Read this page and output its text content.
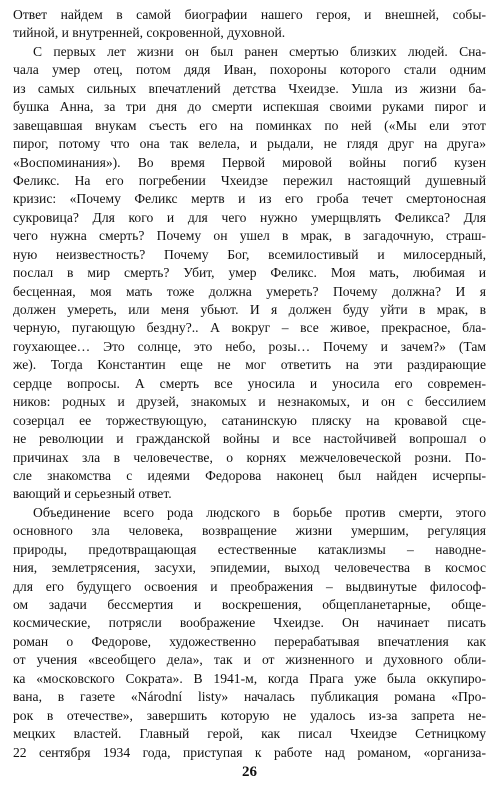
Ответ найдем в самой биографии нашего героя, и внешней, собы-
тийной, и внутренней, сокровенной, духовной.
С первых лет жизни он был ранен смертью близких людей. Сна-
чала умер отец, потом дядя Иван, похороны которого стали одним
из самых сильных впечатлений детства Чхеидзе. Ушла из жизни ба-
бушка Анна, за три дня до смерти испекшая своими руками пирог и
завещавшая внукам съесть его на поминках по ней («Мы ели этот
пирог, потому что она так велела, и рыдали, не глядя друг на друга»
«Воспоминания»). Во время Первой мировой войны погиб кузен
Феликс. На его погребении Чхеидзе пережил настоящий душевный
кризис: «Почему Феликс мертв и из его гроба течет смертоносная
сукровица? Для кого и для чего нужно умерщвлять Феликса? Для
чего нужна смерть? Почему он ушел в мрак, в загадочную, страш-
ную неизвестность? Почему Бог, всемилостивый и милосердный,
послал в мир смерть? Убит, умер Феликс. Моя мать, любимая и
бесценная, моя мать тоже должна умереть? Почему должна? И я
должен умереть, или меня убьют. И я должен буду уйти в мрак, в
черную, пугающую бездну?.. А вокруг – все живое, прекрасное, бла-
гоухающее… Это солнце, это небо, розы… Почему и зачем?» (Там
же). Тогда Константин еще не мог ответить на эти раздирающие
сердце вопросы. А смерть все уносила и уносила его современ-
ников: родных и друзей, знакомых и незнакомых, и он с бессилием
созерцал ее торжествующую, сатанинскую пляску на кровавой сце-
не революции и гражданской войны и все настойчивей вопрошал о
причинах зла в человечестве, о корнях межчеловеческой розни. По-
сле знакомства с идеями Федорова наконец был найден исчерпы-
вающий и серьезный ответ.
Объединение всего рода людского в борьбе против смерти, этого
основного зла человека, возвращение жизни умершим, регуляция
природы, предотвращающая естественные катаклизмы – наводне-
ния, землетрясения, засухи, эпидемии, выход человечества в космос
для его будущего освоения и преображения – выдвинутые философ-
ом задачи бессмертия и воскрешения, общепланетарные, обще-
космические, потрясли воображение Чхеидзе. Он начинает писать
роман о Федорове, художественно перерабатывая впечатления как
от учения «всеобщего дела», так и от жизненного и духовного обли-
ка «московского Сократа». В 1941-м, когда Прага уже была оккупиро-
вана, в газете «Národní listy» началась публикация романа «Про-
рок в отечестве», завершить которую не удалось из-за запрета не-
мецких властей. Главный герой, как писал Чхеидзе Сетницкому
22 сентября 1934 года, приступая к работе над романом, «организа-
26
